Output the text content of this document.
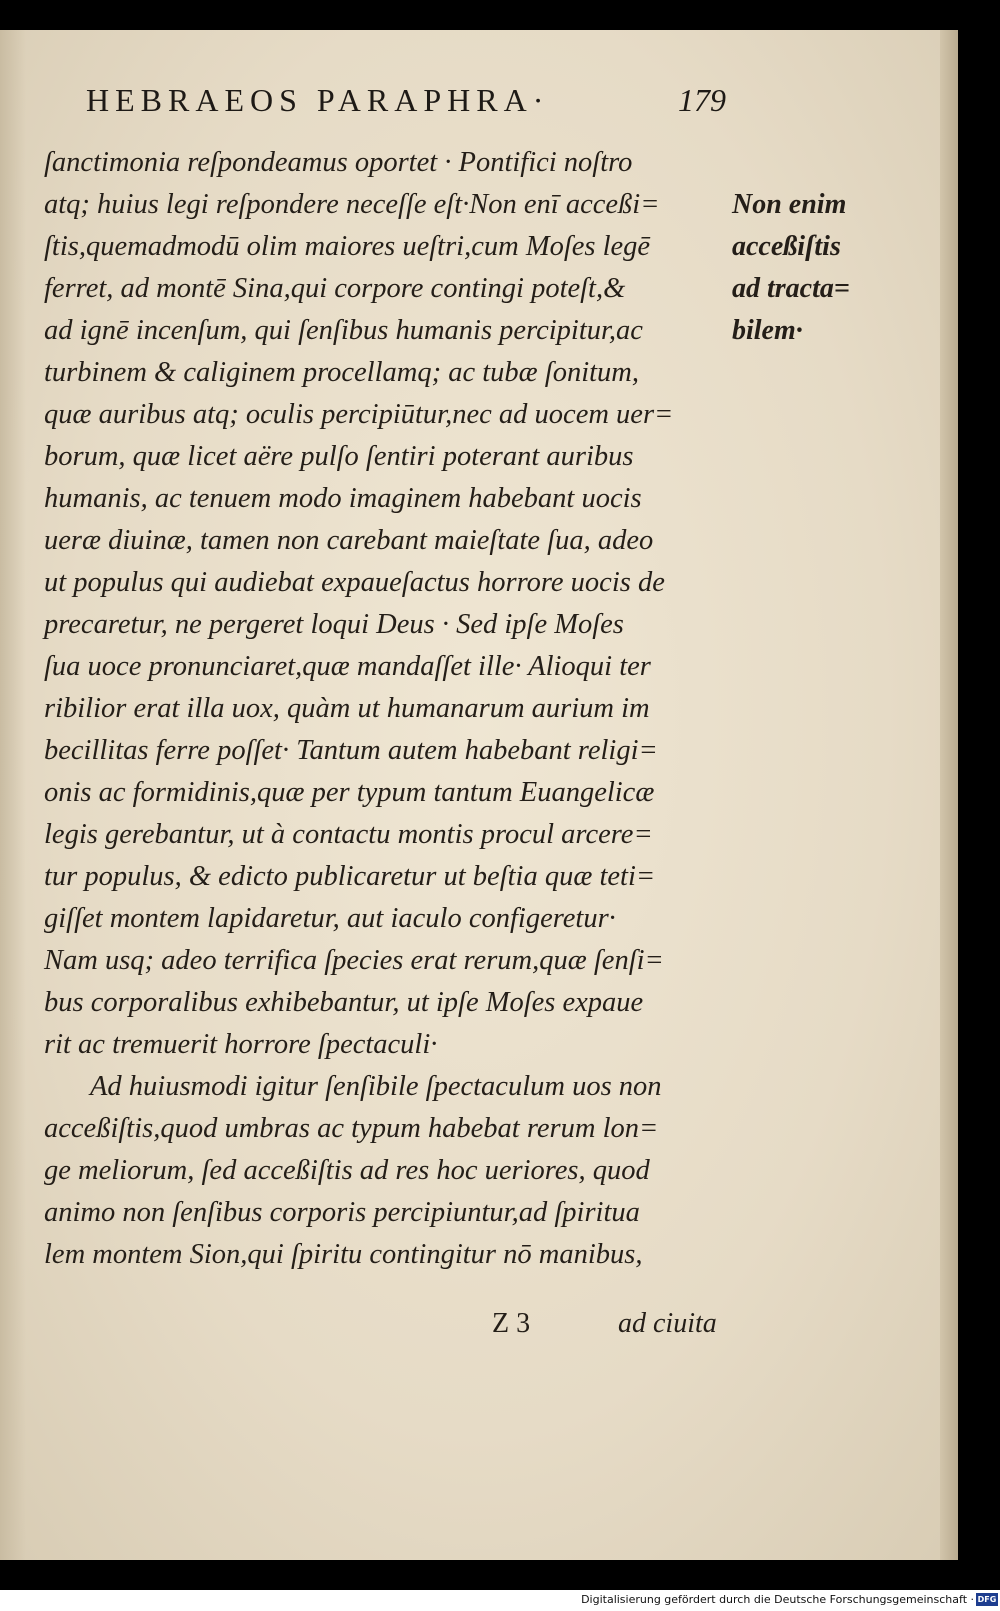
HEBRAEOS PARAPHRA·	179
ſanctimonia reſpondeamus oportet · Pontifici noſtro
atq; huius legi reſpondere neceſſe eſt·Non enī acceßi=
ſtis,quemadmodū olim maiores ueſtri,cum Moſes legē
ferret, ad montē Sina,qui corpore contingi poteſt,&
ad ignē incenſum, qui ſenſibus humanis percipitur,ac
turbinem & caliginem procellamq; ac tubæ ſonitum,
quæ auribus atq; oculis percipiūtur,nec ad uocem uer=
borum, quæ licet aëre pulſo ſentiri poterant auribus
humanis, ac tenuem modo imaginem habebant uocis
ueræ diuinæ, tamen non carebant maieſtate ſua, adeo
ut populus qui audiebat expaueſactus horrore uocis de
precaretur, ne pergeret loqui Deus · Sed ipſe Moſes
ſua uoce pronunciaret,quæ mandaſſet ille· Alioqui ter
ribilior erat illa uox, quàm ut humanarum aurium im
becillitas ferre poſſet· Tantum autem habebant religi=
onis ac formidinis,quæ per typum tantum Euangelicæ
legis gerebantur, ut à contactu montis procul arcere=
tur populus, & edicto publicaretur ut beſtia quæ teti=
giſſet montem lapidaretur, aut iaculo configeretur·
Nam usq; adeo terrifica ſpecies erat rerum,quæ ſenſi=
bus corporalibus exhibebantur, ut ipſe Moſes expaue
rit ac tremuerit horrore ſpectaculi·
Ad huiusmodi igitur ſenſibile ſpectaculum uos non
acceßiſtis,quod umbras ac typum habebat rerum lon=
ge meliorum, ſed acceßiſtis ad res hoc ueriores, quod
animo non ſenſibus corporis percipiuntur,ad ſpiritua
lem montem Sion,qui ſpiritu contingitur nō manibus,
Non enim
acceßiſtis
ad tracta=
bilem·
Z 3	ad ciuita
Digitalisierung gefördert durch die Deutsche Forschungsgemeinschaft · DFG
